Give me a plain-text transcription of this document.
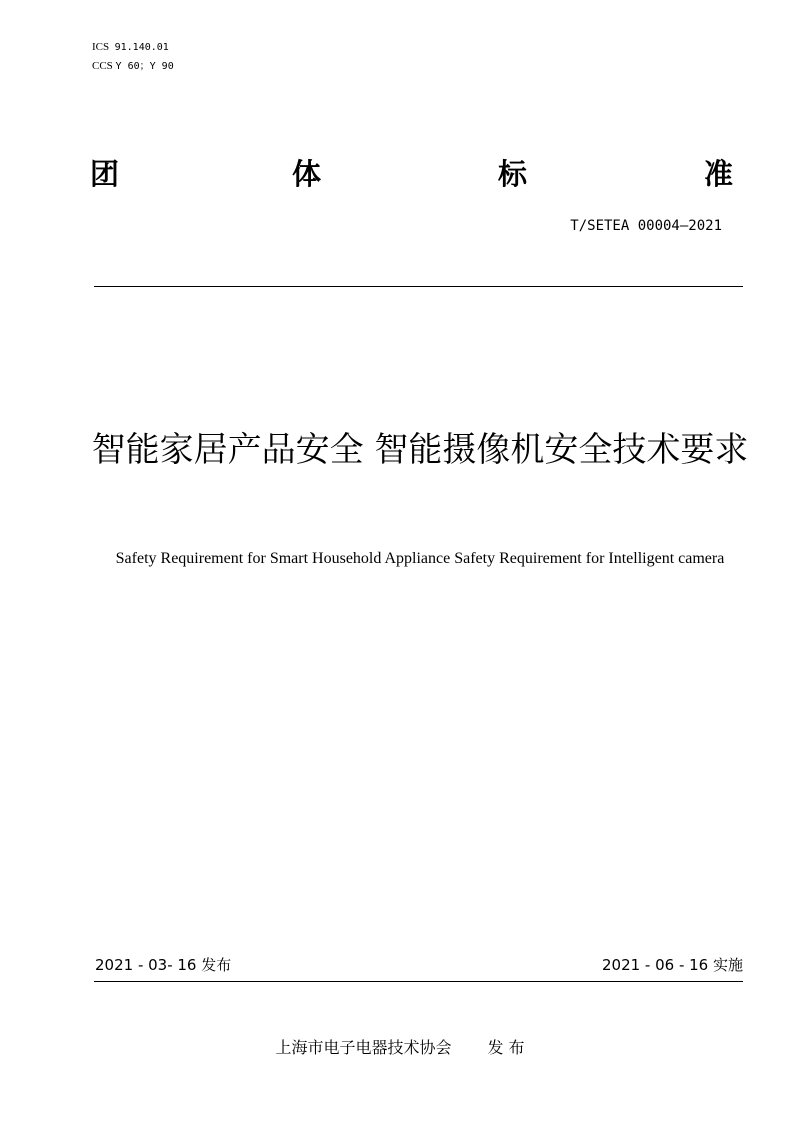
ICS 91.140.01
CCS Y 60；Y 90
团	体	标	准
T/SETEA 00004—2021
智能家居产品安全 智能摄像机安全技术要求
Safety Requirement for Smart Household Appliance Safety Requirement for Intelligent camera
2021 - 03- 16 发布	2021 - 06 - 16 实施
上海市电子电器技术协会 发 布
